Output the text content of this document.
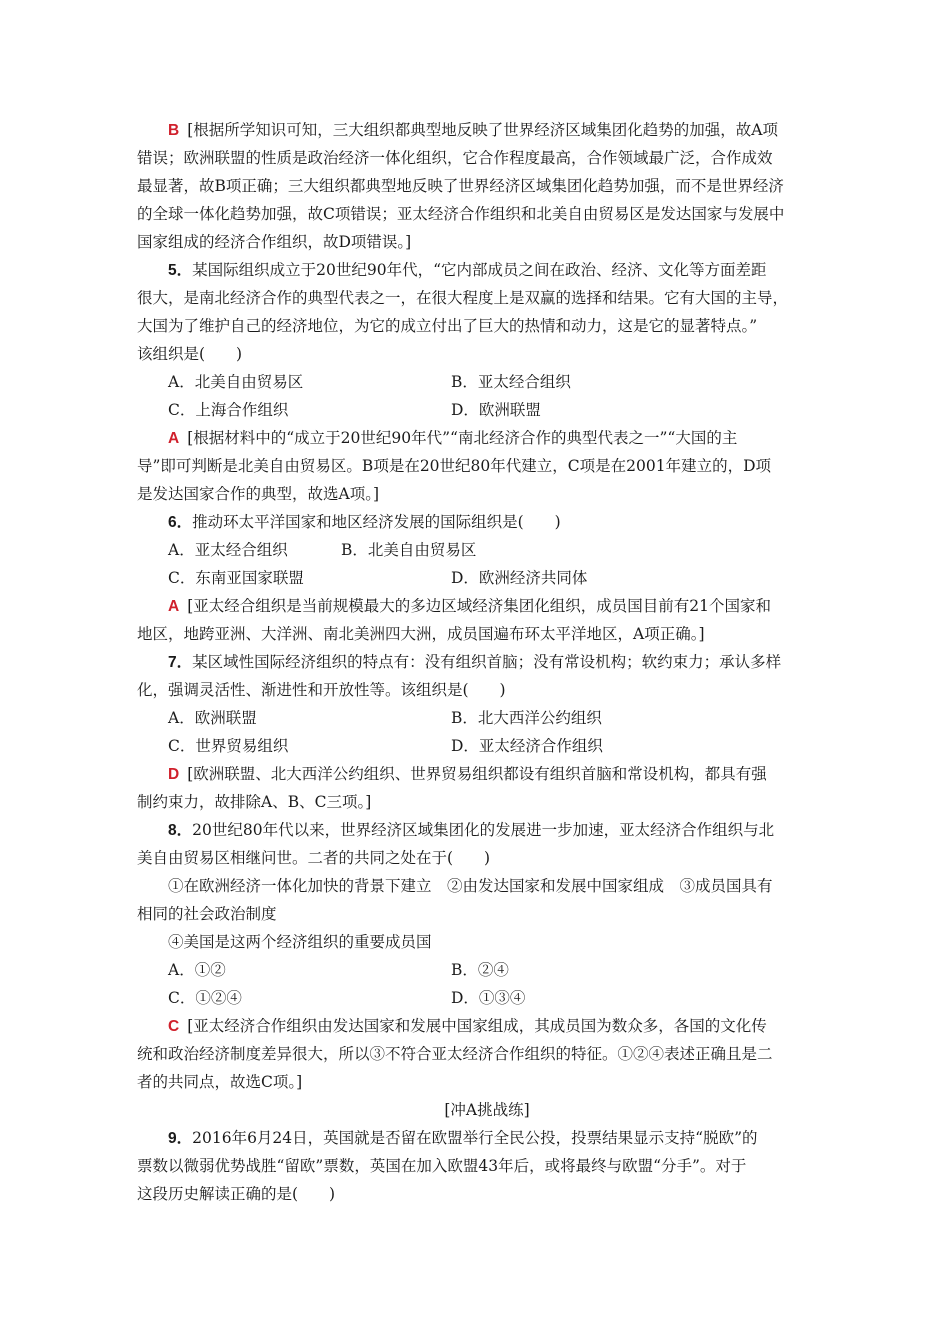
B [根据所学知识可知，三大组织都典型地反映了世界经济区域集团化趋势的加强，故A项
错误；欧洲联盟的性质是政治经济一体化组织，它合作程度最高，合作领域最广泛，合作成效
最显著，故B项正确；三大组织都典型地反映了世界经济区域集团化趋势加强，而不是世界经济
的全球一体化趋势加强，故C项错误；亚太经济合作组织和北美自由贸易区是发达国家与发展中
国家组成的经济合作组织，故D项错误。]
5．某国际组织成立于20世纪90年代，“它内部成员之间在政治、经济、文化等方面差距
很大，是南北经济合作的典型代表之一，在很大程度上是双赢的选择和结果。它有大国的主导，
大国为了维护自己的经济地位，为它的成立付出了巨大的热情和动力，这是它的显著特点。”
该组织是(　　)
A．北美自由贸易区	B．亚太经合组织
C．上海合作组织	D．欧洲联盟
A [根据材料中的“成立于20世纪90年代”“南北经济合作的典型代表之一”“大国的主
导”即可判断是北美自由贸易区。B项是在20世纪80年代建立，C项是在2001年建立的，D项
是发达国家合作的典型，故选A项。]
6．推动环太平洋国家和地区经济发展的国际组织是(　　)
A．亚太经合组织	B．北美自由贸易区
C．东南亚国家联盟	D．欧洲经济共同体
A [亚太经合组织是当前规模最大的多边区域经济集团化组织，成员国目前有21个国家和
地区，地跨亚洲、大洋洲、南北美洲四大洲，成员国遍布环太平洋地区，A项正确。]
7．某区域性国际经济组织的特点有：没有组织首脑；没有常设机构；软约束力；承认多样
化，强调灵活性、渐进性和开放性等。该组织是(　　)
A．欧洲联盟	B．北大西洋公约组织
C．世界贸易组织	D．亚太经济合作组织
D [欧洲联盟、北大西洋公约组织、世界贸易组织都设有组织首脑和常设机构，都具有强
制约束力，故排除A、B、C三项。]
8．20世纪80年代以来，世界经济区域集团化的发展进一步加速，亚太经济合作组织与北
美自由贸易区相继问世。二者的共同之处在于(　　)
①在欧洲经济一体化加快的背景下建立　②由发达国家和发展中国家组成　③成员国具有
相同的社会政治制度
④美国是这两个经济组织的重要成员国
A．①②	B．②④
C．①②④	D．①③④
C [亚太经济合作组织由发达国家和发展中国家组成，其成员国为数众多，各国的文化传
统和政治经济制度差异很大，所以③不符合亚太经济合作组织的特征。①②④表述正确且是二
者的共同点，故选C项。]
[冲A挑战练]
9．2016年6月24日，英国就是否留在欧盟举行全民公投，投票结果显示支持“脱欧”的
票数以微弱优势战胜“留欧”票数，英国在加入欧盟43年后，或将最终与欧盟“分手”。对于
这段历史解读正确的是(　　)
